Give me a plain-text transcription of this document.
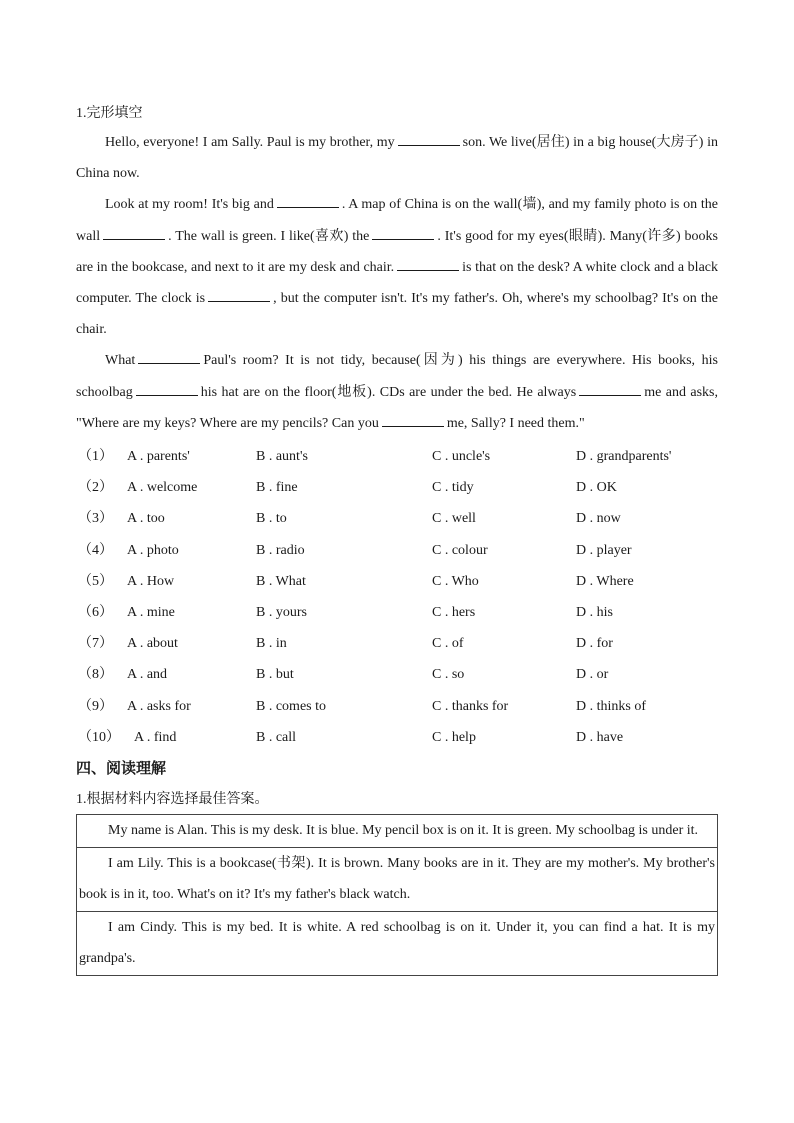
1.完形填空

Hello, everyone! I am Sally. Paul is my brother, my	son. We live(居住) in a big house(大房子) in China now.

Look at my room! It's big and	. A map of China is on the wall(墙), and my family photo is on the wall	. The wall is green. I like(喜欢) the	. It's good for my eyes(眼睛). Many(许多) books are in the bookcase, and next to it are my desk and chair.	is that on the desk? A white clock and a black computer. The clock is	, but the computer isn't. It's my father's. Oh, where's my schoolbag? It's on the chair.

What	Paul's room? It is not tidy, because(因为) his things are everywhere. His books, his schoolbag	his hat are on the floor(地板). CDs are under the bed. He always	me and asks, "Where are my keys? Where are my pencils? Can you	me, Sally? I need them."

（1） A . parents'	B . aunt's	C . uncle's	D . grandparents'
（2） A . welcome	B . fine	C . tidy	D . OK
（3） A . too	B . to	C . well	D . now
（4） A . photo	B . radio	C . colour	D . player
（5） A . How	B . What	C . Who	D . Where
（6） A . mine	B . yours	C . hers	D . his
（7） A . about	B . in	C . of	D . for
（8） A . and	B . but	C . so	D . or
（9） A . asks for	B . comes to	C . thanks for	D . thinks of
（10） A . find	B . call	C . help	D . have
四、阅读理解
1.根据材料内容选择最佳答案。

My name is Alan. This is my desk. It is blue. My pencil box is on it. It is green. My schoolbag is under it.

I am Lily. This is a bookcase(书架). It is brown. Many books are in it. They are my mother's. My brother's book is in it, too. What's on it? It's my father's black watch.

I am Cindy. This is my bed. It is white. A red schoolbag is on it. Under it, you can find a hat. It is my grandpa's.
